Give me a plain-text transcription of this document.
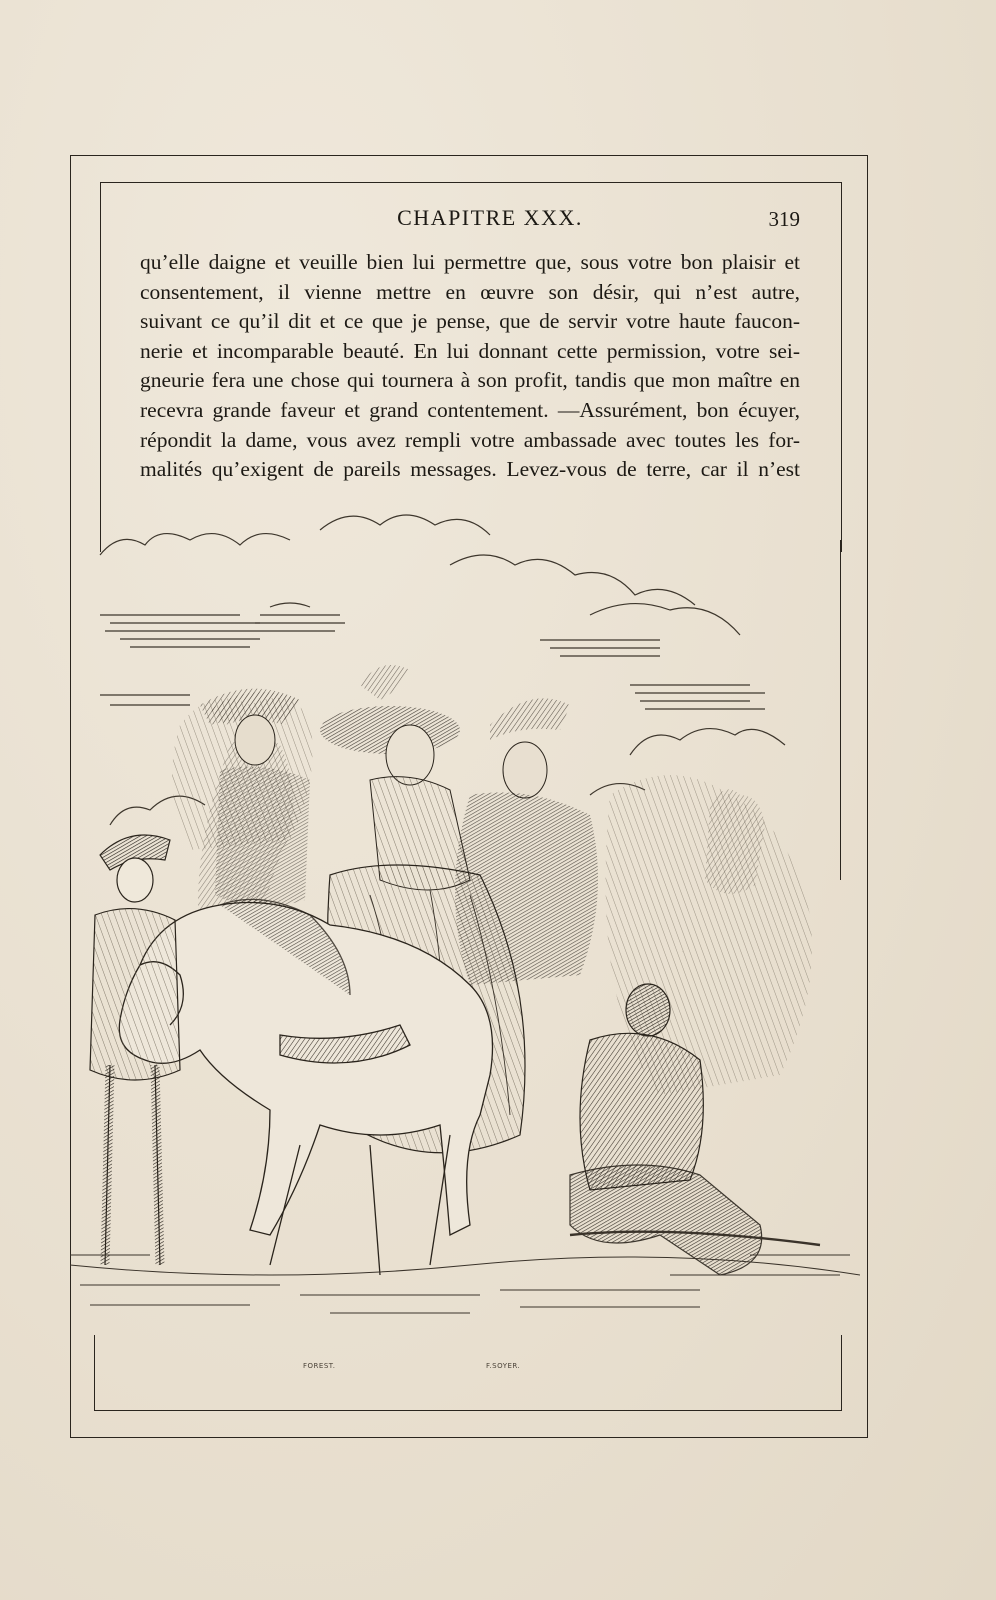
CHAPITRE XXX.	319
qu’elle daigne et veuille bien lui permettre que, sous votre bon plaisir et
consentement, il vienne mettre en œuvre son désir, qui n’est autre,
suivant ce qu’il dit et ce que je pense, que de servir votre haute faucon-
nerie et incomparable beauté. En lui donnant cette permission, votre sei-
gneurie fera une chose qui tournera à son profit, tandis que mon maître en
recevra grande faveur et grand contentement. —Assurément, bon écuyer,
répondit la dame, vous avez rempli votre ambassade avec toutes les for-
malités qu’exigent de pareils messages. Levez-vous de terre, car il n’est
FOREST.	F.SOYER.
